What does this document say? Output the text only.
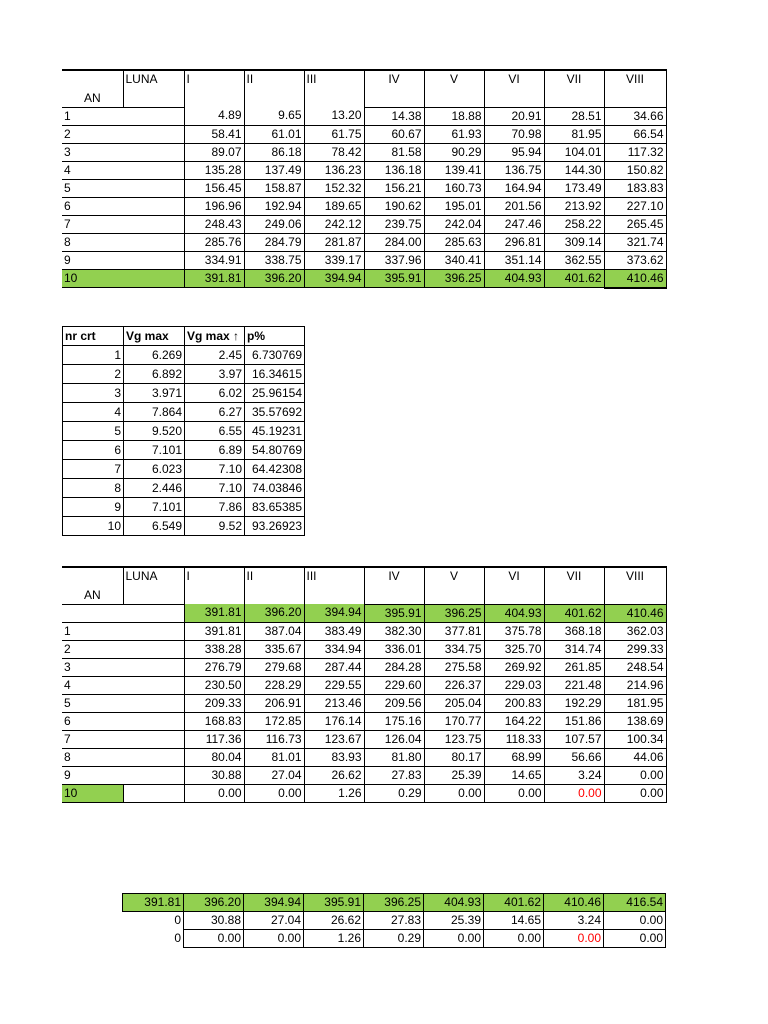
AN	LUNA	I	II	III	IV	V	VI	VII	VIII
1		4.89	9.65	13.20	14.38	18.88	20.91	28.51	34.66
2		58.41	61.01	61.75	60.67	61.93	70.98	81.95	66.54
3		89.07	86.18	78.42	81.58	90.29	95.94	104.01	117.32
4		135.28	137.49	136.23	136.18	139.41	136.75	144.30	150.82
5		156.45	158.87	152.32	156.21	160.73	164.94	173.49	183.83
6		196.96	192.94	189.65	190.62	195.01	201.56	213.92	227.10
7		248.43	249.06	242.12	239.75	242.04	247.46	258.22	265.45
8		285.76	284.79	281.87	284.00	285.63	296.81	309.14	321.74
9		334.91	338.75	339.17	337.96	340.41	351.14	362.55	373.62
10		391.81	396.20	394.94	395.91	396.25	404.93	401.62	410.46
nr crt	Vg max	Vg max ↑	p%
1	6.269	2.45	6.730769
2	6.892	3.97	16.34615
3	3.971	6.02	25.96154
4	7.864	6.27	35.57692
5	9.520	6.55	45.19231
6	7.101	6.89	54.80769
7	6.023	7.10	64.42308
8	2.446	7.10	74.03846
9	7.101	7.86	83.65385
10	6.549	9.52	93.26923
AN	LUNA	I	II	III	IV	V	VI	VII	VIII
		391.81	396.20	394.94	395.91	396.25	404.93	401.62	410.46
1		391.81	387.04	383.49	382.30	377.81	375.78	368.18	362.03
2		338.28	335.67	334.94	336.01	334.75	325.70	314.74	299.33
3		276.79	279.68	287.44	284.28	275.58	269.92	261.85	248.54
4		230.50	228.29	229.55	229.60	226.37	229.03	221.48	214.96
5		209.33	206.91	213.46	209.56	205.04	200.83	192.29	181.95
6		168.83	172.85	176.14	175.16	170.77	164.22	151.86	138.69
7		117.36	116.73	123.67	126.04	123.75	118.33	107.57	100.34
8		80.04	81.01	83.93	81.80	80.17	68.99	56.66	44.06
9		30.88	27.04	26.62	27.83	25.39	14.65	3.24	0.00
10		0.00	0.00	1.26	0.29	0.00	0.00	0.00	0.00
391.81	396.20	394.94	395.91	396.25	404.93	401.62	410.46	416.54
0	30.88	27.04	26.62	27.83	25.39	14.65	3.24	0.00
0	0.00	0.00	1.26	0.29	0.00	0.00	0.00	0.00
